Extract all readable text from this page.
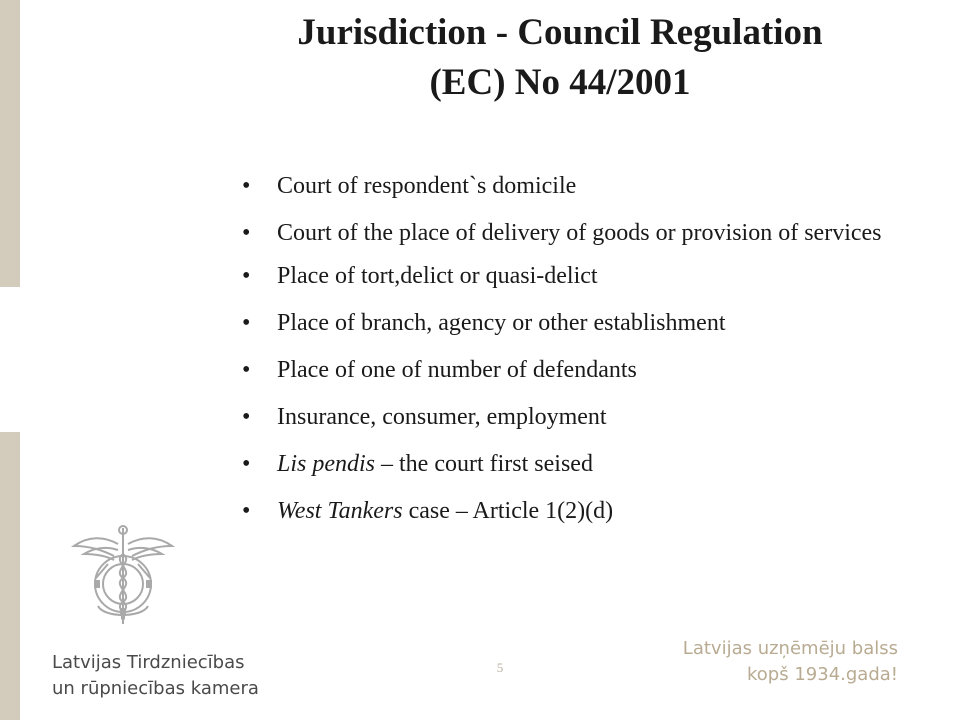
Jurisdiction - Council Regulation
(EC) No 44/2001
• Court of respondent`s domicile
• Court of the place of delivery of goods or provision of services
• Place of tort,delict or quasi-delict
• Place of branch, agency or other establishment
• Place of one of number of defendants
• Insurance, consumer, employment
• Lis pendis – the court first seised
• West Tankers case – Article 1(2)(d)
Latvijas Tirdzniecības
un rūpniecības kamera
5
Latvijas uzņēmēju balss
kopš 1934.gada!
